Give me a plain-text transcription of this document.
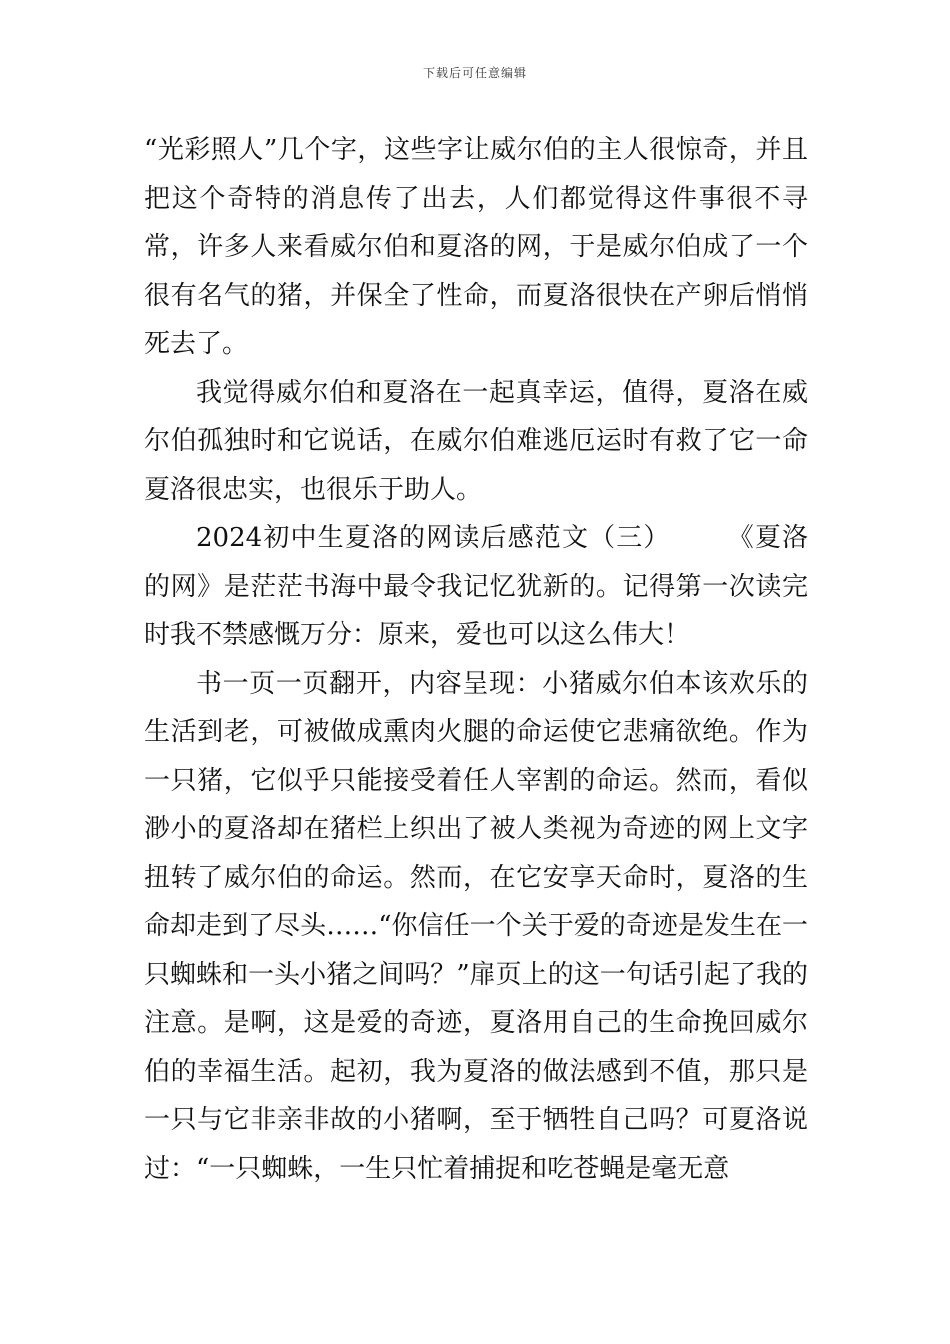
下载后可任意编辑

“光彩照人”几个字，这些字让威尔伯的主人很惊奇，并且把这个奇特的消息传了出去，人们都觉得这件事很不寻常，许多人来看威尔伯和夏洛的网，于是威尔伯成了一个很有名气的猪，并保全了性命，而夏洛很快在产卵后悄悄死去了。

我觉得威尔伯和夏洛在一起真幸运，值得，夏洛在威尔伯孤独时和它说话，在威尔伯难逃厄运时有救了它一命夏洛很忠实，也很乐于助人。

2024初中生夏洛的网读后感范文（三） 《夏洛的网》是茫茫书海中最令我记忆犹新的。记得第一次读完时我不禁感慨万分：原来，爱也可以这么伟大！

书一页一页翻开，内容呈现：小猪威尔伯本该欢乐的生活到老，可被做成熏肉火腿的命运使它悲痛欲绝。作为一只猪，它似乎只能接受着任人宰割的命运。然而，看似渺小的夏洛却在猪栏上织出了被人类视为奇迹的网上文字扭转了威尔伯的命运。然而，在它安享天命时，夏洛的生命却走到了尽头……“你信任一个关于爱的奇迹是发生在一只蜘蛛和一头小猪之间吗？”扉页上的这一句话引起了我的注意。是啊，这是爱的奇迹，夏洛用自己的生命挽回威尔伯的幸福生活。起初，我为夏洛的做法感到不值，那只是一只与它非亲非故的小猪啊，至于牺牲自己吗？可夏洛说过：“一只蜘蛛，一生只忙着捕捉和吃苍蝇是毫无意
